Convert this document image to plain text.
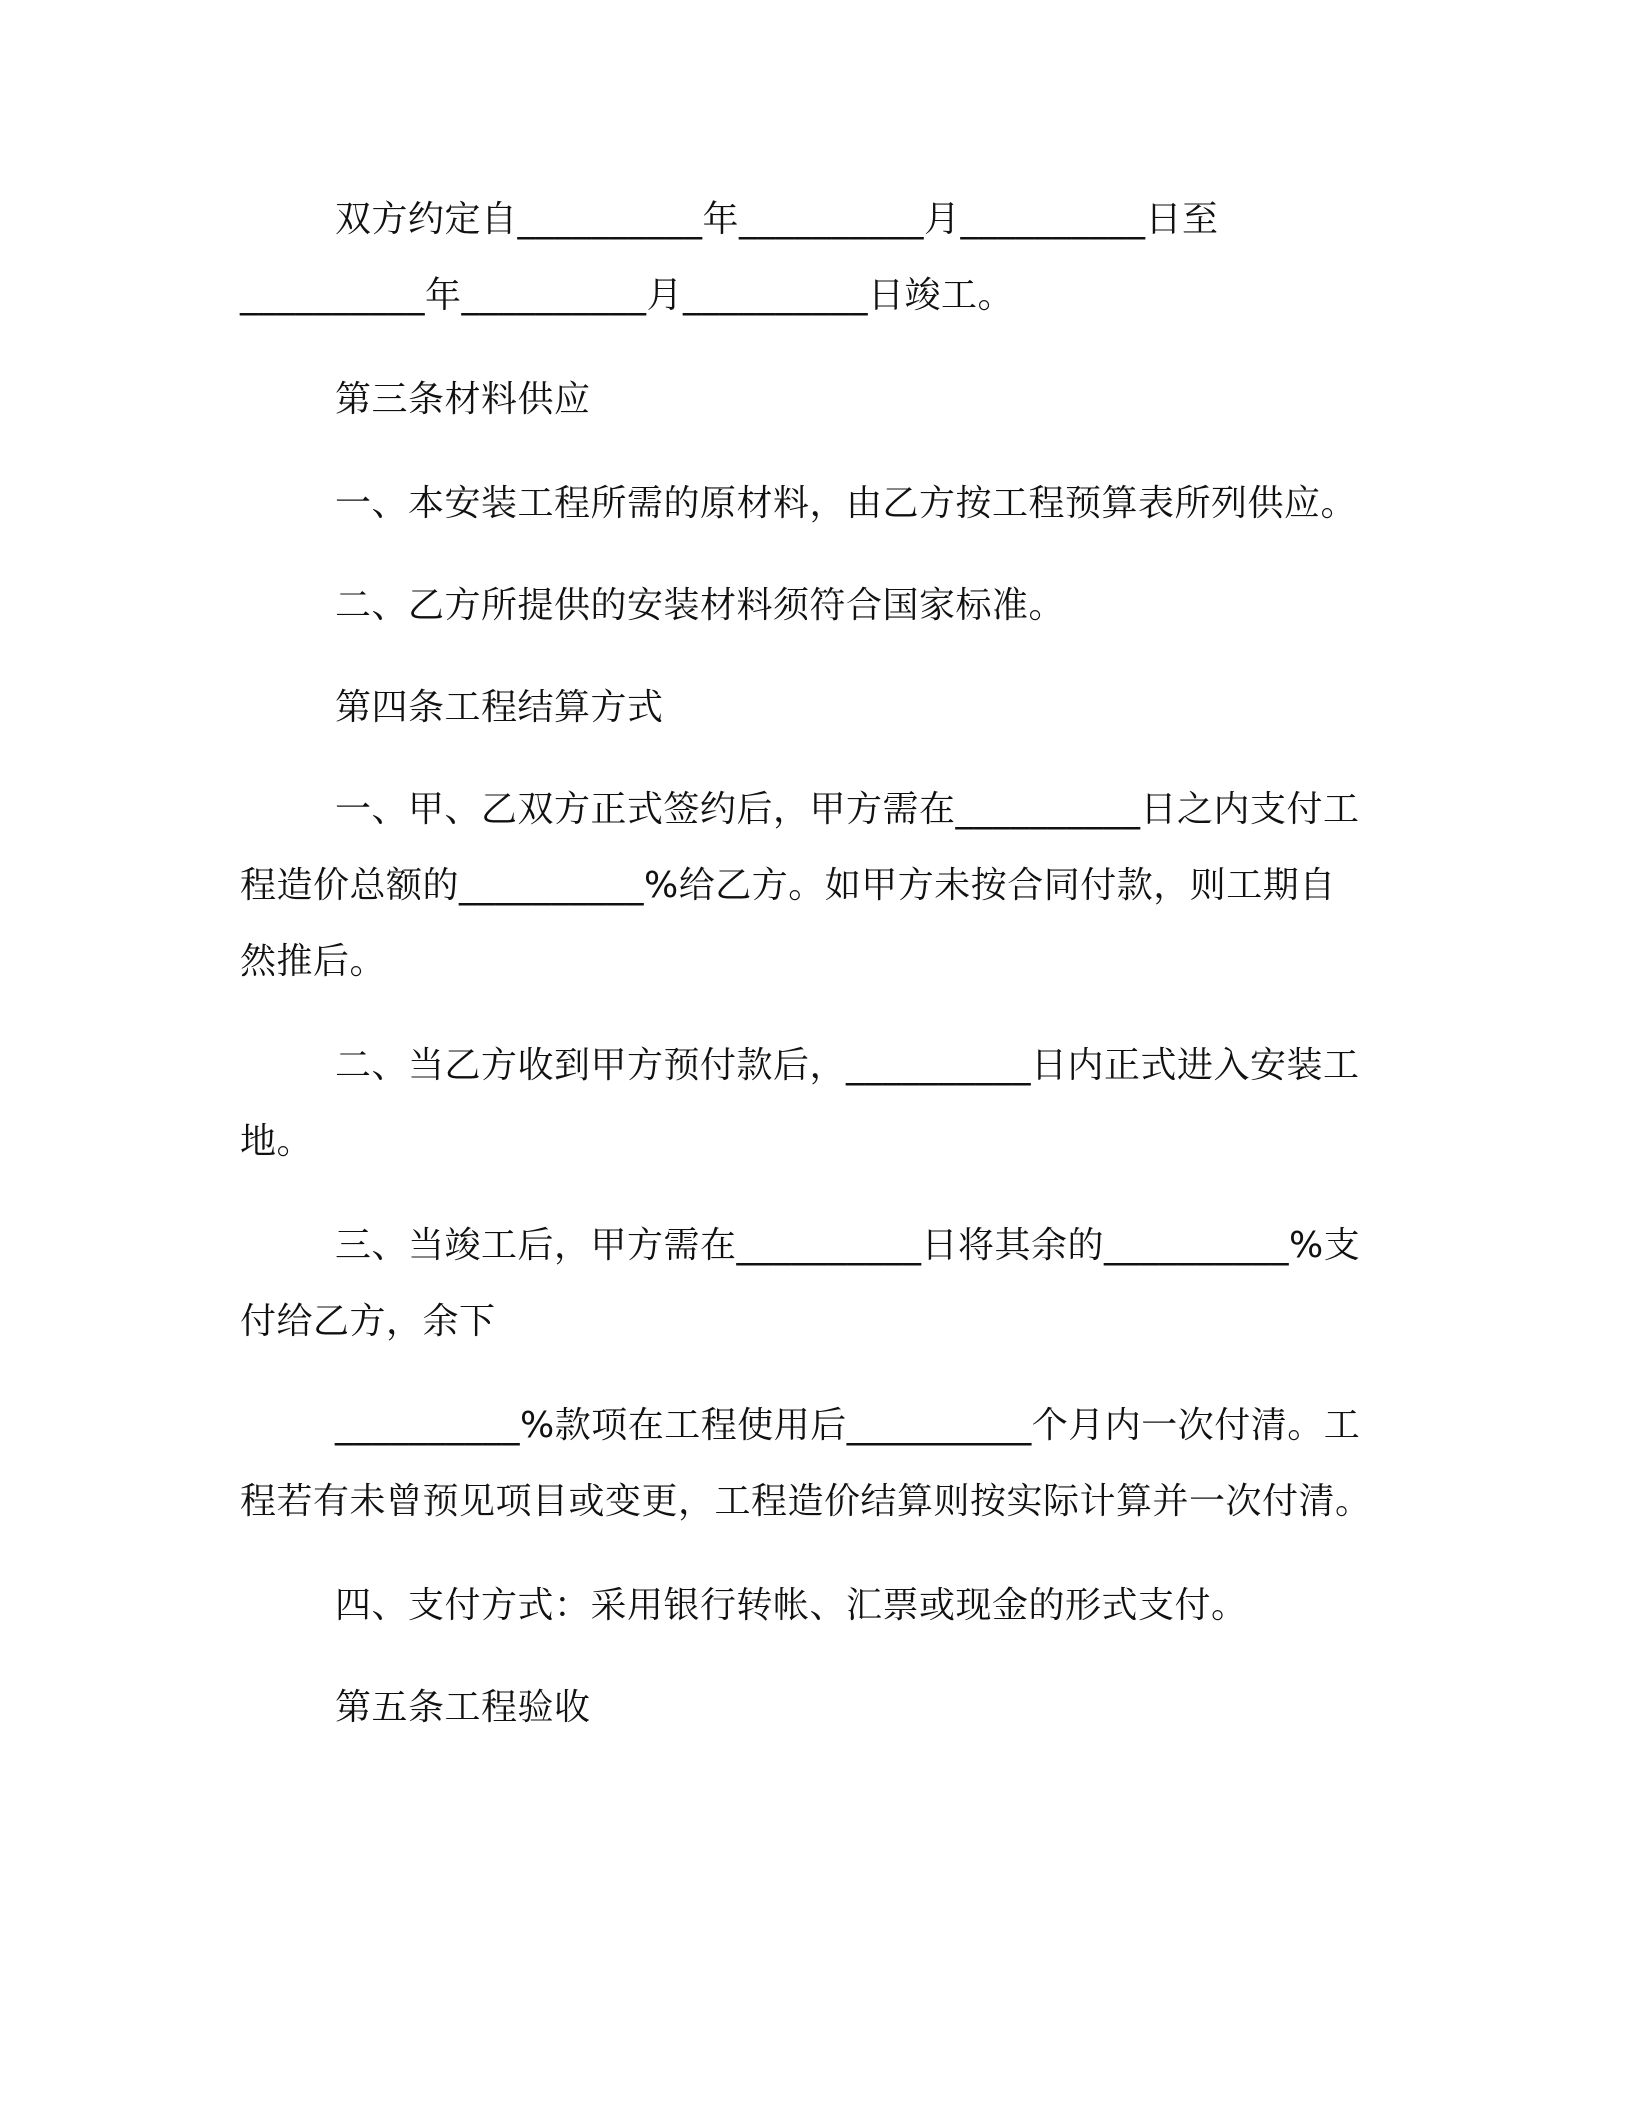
双方约定自__________年__________月__________日至
__________年__________月__________日竣工。
第三条材料供应
一、本安装工程所需的原材料，由乙方按工程预算表所列供应。
二、乙方所提供的安装材料须符合国家标准。
第四条工程结算方式
一、甲、乙双方正式签约后，甲方需在__________日之内支付工
程造价总额的__________%给乙方。如甲方未按合同付款，则工期自
然推后。
二、当乙方收到甲方预付款后，__________日内正式进入安装工
地。
三、当竣工后，甲方需在__________日将其余的__________%支
付给乙方，余下
__________%款项在工程使用后__________个月内一次付清。工
程若有未曾预见项目或变更，工程造价结算则按实际计算并一次付清。
四、支付方式：采用银行转帐、汇票或现金的形式支付。
第五条工程验收
